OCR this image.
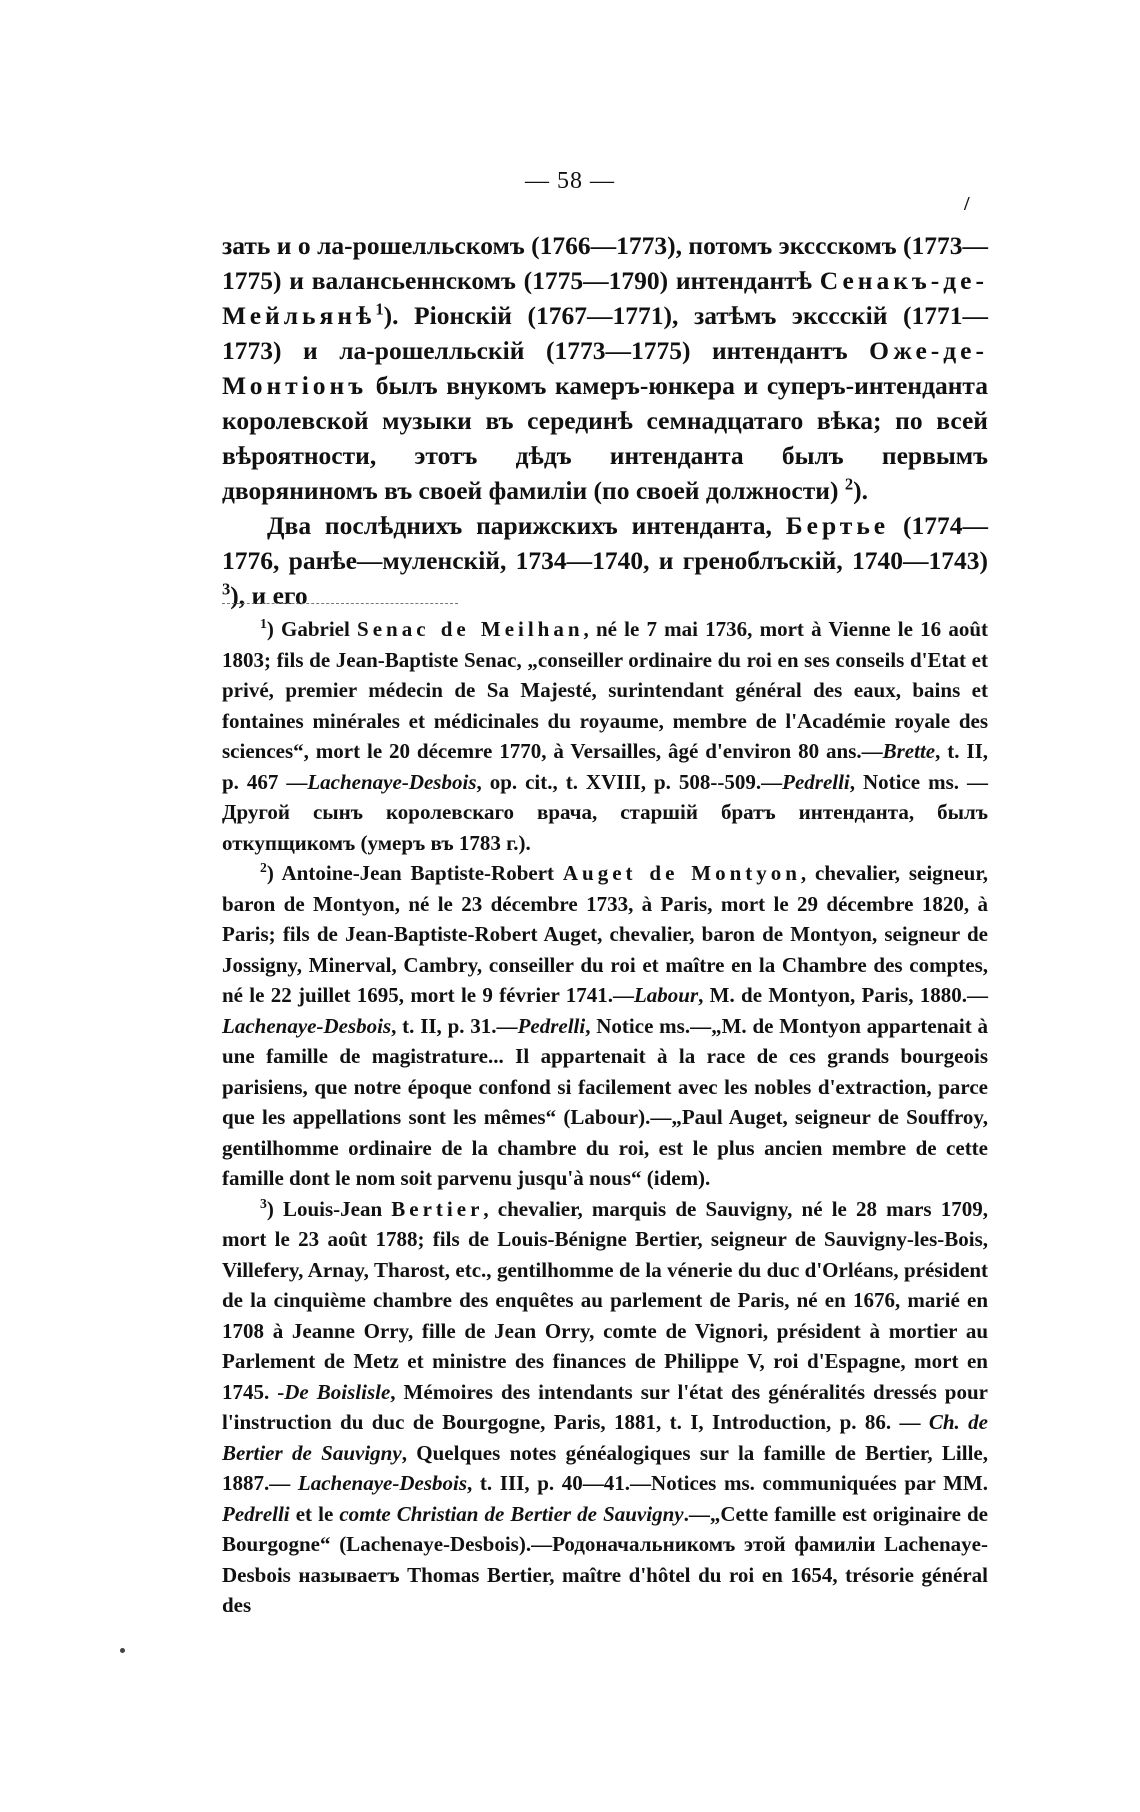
— 58 —
/

зать и о ла-рошелльскомъ (1766—1773), потомъ экссскомъ (1773—1775) и валансьеннскомъ (1775—1790) интендантѣ Сенакъ-де-Мейльянѣ$^1$). Ріонскій (1767—1771), затѣмъ экссскій (1771—1773) и ла-рошелльскій (1773—1775) интендантъ Оже-де-Монтіонъ былъ внукомъ камеръ-юнкера и суперъ-интенданта королевской музыки въ серединѣ семнадцатаго вѣка; по всей вѣроятности, этотъ дѣдъ интенданта былъ первымъ дворяниномъ въ своей фамиліи (по своей должности) $^2$).

Два послѣднихъ парижскихъ интенданта, Бертье (1774—1776, ранѣе—муленскій, 1734—1740, и греноблъскій, 1740—1743) $^3$), и его

$^1$) Gabriel Senac de Meilhan, né le 7 mai 1736, mort à Vienne le 16 août 1803; fils de Jean-Baptiste Senac, „conseiller ordinaire du roi en ses conseils d'Etat et privé, premier médecin de Sa Majesté, surintendant général des eaux, bains et fontaines minérales et médicinales du royaume, membre de l'Académie royale des sciences“, mort le 20 décemre 1770, à Versailles, âgé d'environ 80 ans.—Brette, t. II, p. 467 —Lachenaye-Desbois, op. cit., t. XVIII, p. 508--509.—Pedrelli, Notice ms. — Другой сынъ королевскаго врача, старшій братъ интенданта, былъ откупщикомъ (умеръ въ 1783 г.).

$^2$) Antoine-Jean Baptiste-Robert Auget de Montyon, chevalier, seigneur, baron de Montyon, né le 23 décembre 1733, à Paris, mort le 29 décembre 1820, à Paris; fils de Jean-Baptiste-Robert Auget, chevalier, baron de Montyon, seigneur de Jossigny, Minerval, Cambry, conseiller du roi et maître en la Chambre des comptes, né le 22 juillet 1695, mort le 9 février 1741.—Labour, M. de Montyon, Paris, 1880.—Lachenaye-Desbois, t. II, p. 31.—Pedrelli, Notice ms.—„M. de Montyon appartenait à une famille de magistrature... Il appartenait à la race de ces grands bourgeois parisiens, que notre époque confond si facilement avec les nobles d'extraction, parce que les appellations sont les mêmes“ (Labour).—„Paul Auget, seigneur de Souffroy, gentilhomme ordinaire de la chambre du roi, est le plus ancien membre de cette famille dont le nom soit parvenu jusqu'à nous“ (idem).

$^3$) Louis-Jean Bertier, chevalier, marquis de Sauvigny, né le 28 mars 1709, mort le 23 août 1788; fils de Louis-Bénigne Bertier, seigneur de Sauvigny-les-Bois, Villefery, Arnay, Tharost, etc., gentilhomme de la vénerie du duc d'Orléans, président de la cinquième chambre des enquêtes au parlement de Paris, né en 1676, marié en 1708 à Jeanne Orry, fille de Jean Orry, comte de Vignori, président à mortier au Parlement de Metz et ministre des finances de Philippe V, roi d'Espagne, mort en 1745. -De Boislisle, Mémoires des intendants sur l'état des généralités dressés pour l'instruction du duc de Bourgogne, Paris, 1881, t. I, Introduction, p. 86. — Ch. de Bertier de Sauvigny, Quelques notes généalogiques sur la famille de Bertier, Lille, 1887.— Lachenaye-Desbois, t. III, p. 40—41.—Notices ms. communiquées par MM. Pedrelli et le comte Christian de Bertier de Sauvigny.—„Cette famille est originaire de Bourgogne“ (Lachenaye-Desbois).—Родоначальникомъ этой фамиліи Lachenaye-Desbois называетъ Thomas Bertier, maître d'hôtel du roi en 1654, trésorie général des
